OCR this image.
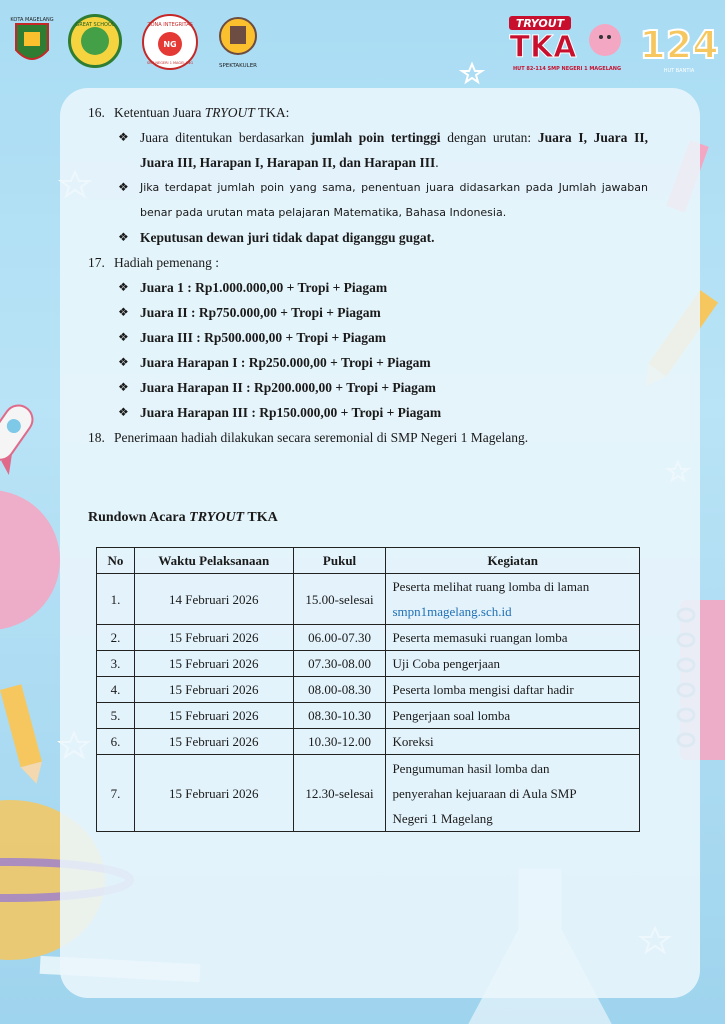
KOTA MAGELANG
GREAT SCHOOL
NG
ZONA INTEGRITAS
SMP NEGERI 1 MAGELANG	SPEKTAKULER
TRYOUT
TKA
HUT 82-114 SMP NEGERI 1 MAGELANG
124
HUT BANTIA
16. Ketentuan Juara TRYOUT TKA:
❖ Juara ditentukan berdasarkan jumlah poin tertinggi dengan urutan: Juara I, Juara II, Juara III, Harapan I, Harapan II, dan Harapan III.
❖	Jika terdapat jumlah poin yang sama, penentuan juara didasarkan pada Jumlah jawaban benar pada urutan mata pelajaran Matematika, Bahasa Indonesia.
❖ Keputusan dewan juri tidak dapat diganggu gugat.
17. Hadiah pemenang :
❖ Juara 1 : Rp1.000.000,00 + Tropi + Piagam
❖ Juara II : Rp750.000,00 + Tropi + Piagam
❖ Juara III : Rp500.000,00 + Tropi + Piagam
❖ Juara Harapan I : Rp250.000,00 + Tropi + Piagam
❖ Juara Harapan II : Rp200.000,00 + Tropi + Piagam
❖ Juara Harapan III : Rp150.000,00 + Tropi + Piagam
18. Penerimaan hadiah dilakukan secara seremonial di SMP Negeri 1 Magelang.
Rundown Acara TRYOUT TKA
No	Waktu Pelaksanaan	Pukul	Kegiatan
1.	14 Februari 2026	15.00-selesai	Peserta melihat ruang lomba di laman
smpn1magelang.sch.id

2.	15 Februari 2026	06.00-07.30	Peserta memasuki ruangan lomba
3.	15 Februari 2026	07.30-08.00	Uji Coba pengerjaan
4.	15 Februari 2026	08.00-08.30	Peserta lomba mengisi daftar hadir
5.	15 Februari 2026	08.30-10.30	Pengerjaan soal lomba
6.	15 Februari 2026	10.30-12.00	Koreksi
7.	15 Februari 2026	12.30-selesai	Pengumuman hasil lomba dan
penyerahan kejuaraan di Aula SMP
Negeri 1 Magelang
